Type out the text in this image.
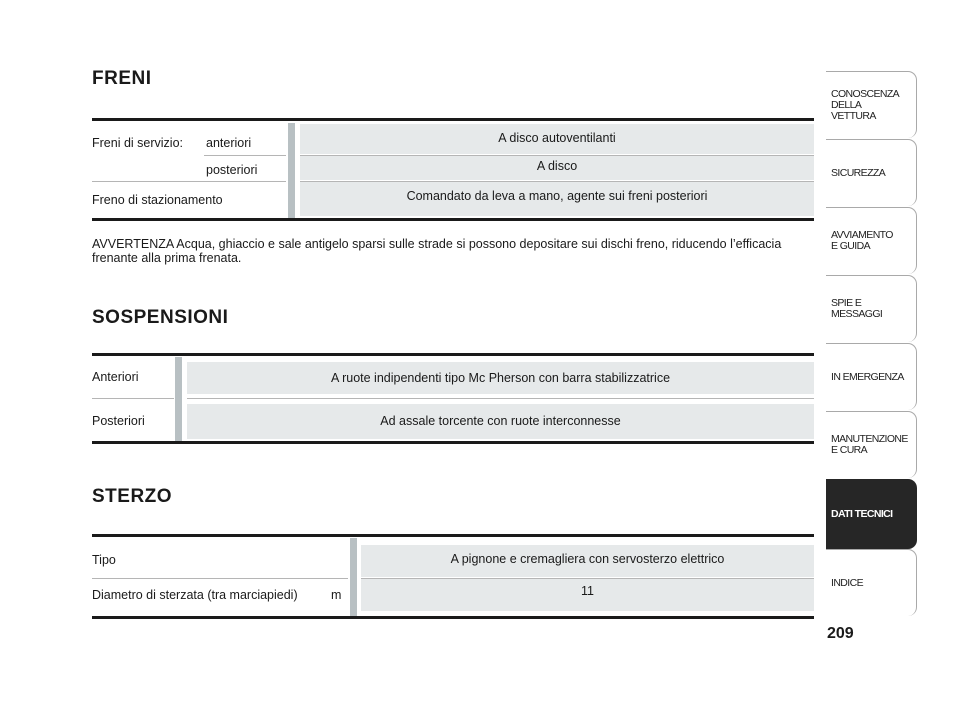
FRENI
Freni di servizio: anteriori
posteriori
Freno di stazionamento
A disco autoventilanti
A disco
Comandato da leva a mano, agente sui freni posteriori

AVVERTENZA Acqua, ghiaccio e sale antigelo sparsi sulle strade si possono depositare sui dischi freno, riducendo l’efficacia frenante alla prima frenata.

SOSPENSIONI
Anteriori
Posteriori
A ruote indipendenti tipo Mc Pherson con barra stabilizzatrice
Ad assale torcente con ruote interconnesse
STERZO
Tipo
Diametro di sterzata (tra marciapiedi)	m
A pignone e cremagliera con servosterzo elettrico
11
CONOSCENZA
DELLA
VETTURA
SICUREZZA
AVVIAMENTO
E GUIDA
SPIE E
MESSAGGI
IN EMERGENZA
MANUTENZIONE
E CURA
DATI TECNICI
INDICE
209
